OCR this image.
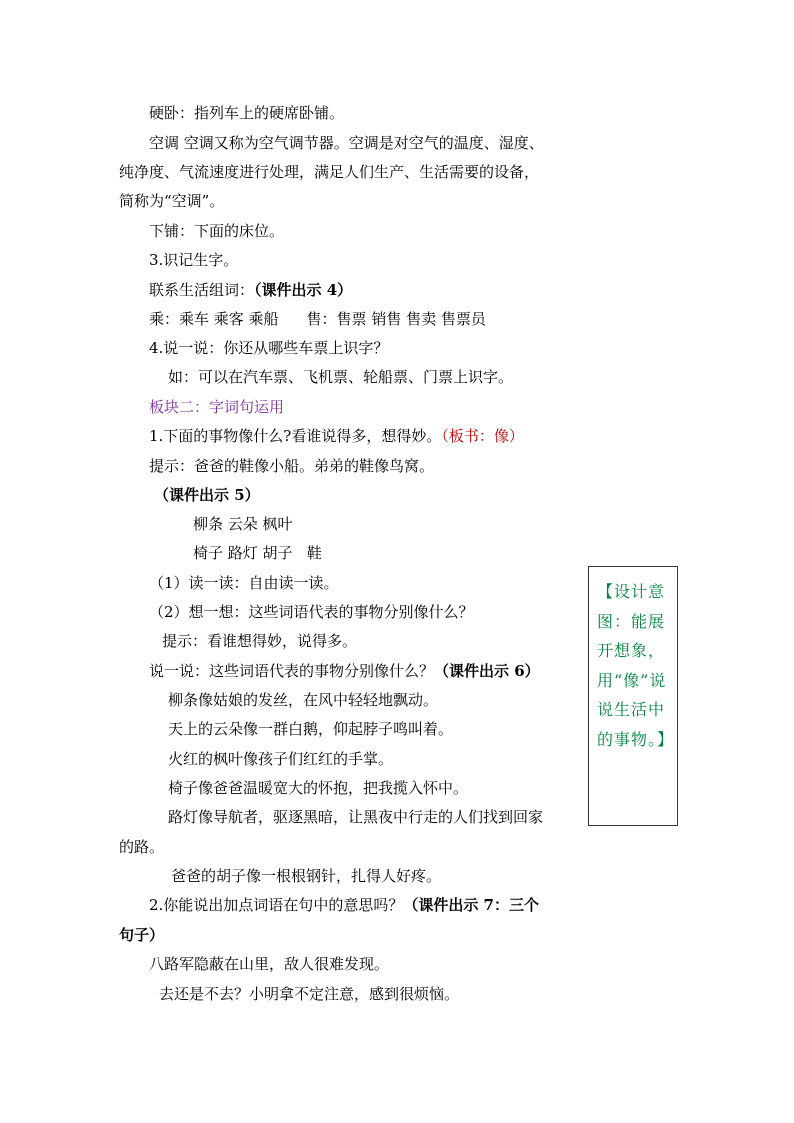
硬卧：指列车上的硬席卧铺。
空调 空调又称为空气调节器。空调是对空气的温度、湿度、
纯净度、气流速度进行处理，满足人们生产、生活需要的设备，
简称为“空调”。
下铺：下面的床位。
3.识记生字。
联系生活组词：（课件出示 4）
乘：乘车 乘客 乘船 售：售票 销售 售卖 售票员
4.说一说：你还从哪些车票上识字？
如：可以在汽车票、飞机票、轮船票、门票上识字。
板块二：字词句运用
1.下面的事物像什么?看谁说得多，想得妙。（板书：像）
提示：爸爸的鞋像小船。弟弟的鞋像鸟窝。
（课件出示 5）
柳条 云朵 枫叶
椅子 路灯 胡子   鞋
（1）读一读：自由读一读。
（2）想一想：这些词语代表的事物分别像什么？
提示：看谁想得妙，说得多。
说一说：这些词语代表的事物分别像什么？（课件出示 6）
柳条像姑娘的发丝，在风中轻轻地飘动。
天上的云朵像一群白鹅，仰起脖子鸣叫着。
火红的枫叶像孩子们红红的手掌。
椅子像爸爸温暖宽大的怀抱，把我揽入怀中。
路灯像导航者，驱逐黑暗，让黑夜中行走的人们找到回家
的路。
爸爸的胡子像一根根钢针，扎得人好疼。
2.你能说出加点词语在句中的意思吗？（课件出示 7：三个
句子）
八路军隐蔽在山里，敌人很难发现。
去还是不去？小明拿不定注意，感到很烦恼。
【设计意图：能展开想象，用“像”说说生活中的事物。】
